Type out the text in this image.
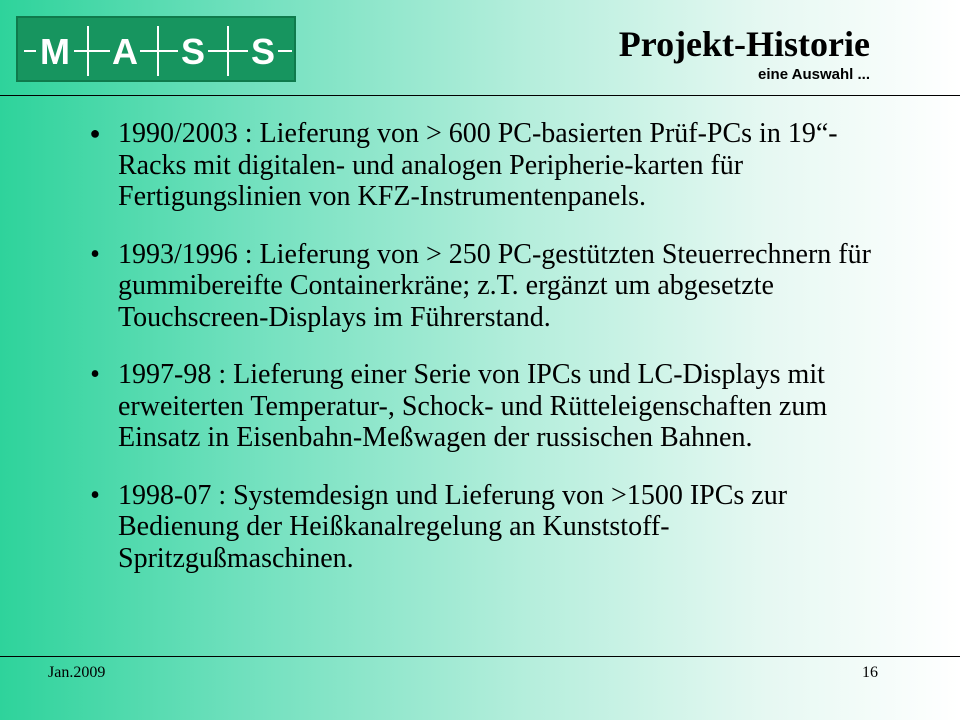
M A S S	Projekt-Historie
eine Auswahl ...
● 1990/2003 : Lieferung von > 600 PC-basierten Prüf-PCs in 19“-Racks mit digitalen- und analogen Peripherie-karten für Fertigungslinien von KFZ-Instrumentenpanels.
• 1993/1996 : Lieferung von > 250 PC-gestützten Steuerrechnern für gummibereifte Containerkräne; z.T. ergänzt um abgesetzte Touchscreen-Displays im Führerstand.
• 1997-98 : Lieferung einer Serie von IPCs und LC-Displays mit erweiterten Temperatur-, Schock- und Rütteleigenschaften zum Einsatz in Eisenbahn-Meßwagen der russischen Bahnen.
• 1998-07 : Systemdesign und Lieferung von >1500 IPCs zur Bedienung der Heißkanalregelung an Kunststoff-Spritzgußmaschinen.
Jan.2009	16
